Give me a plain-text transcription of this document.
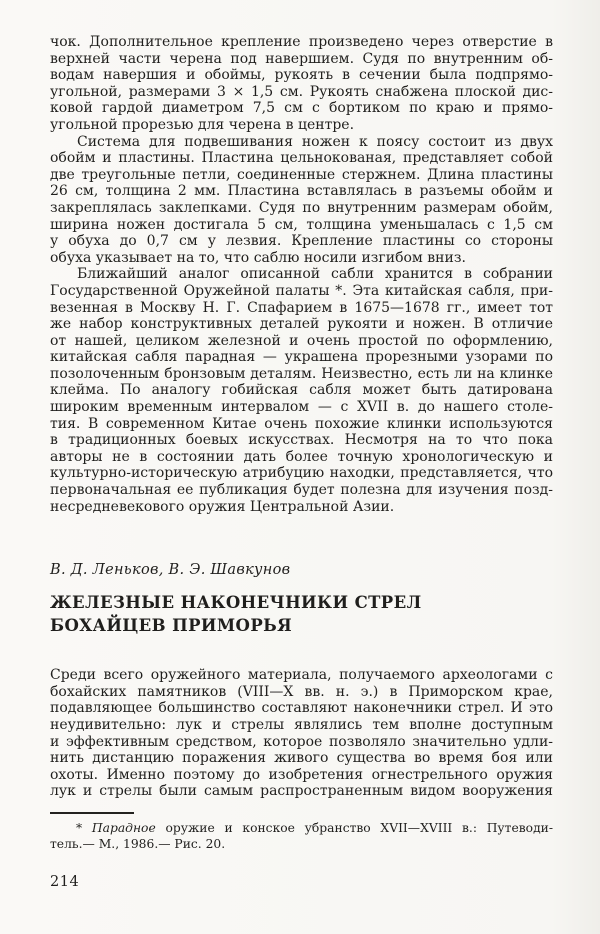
чок. Дополнительное крепление произведено через отверстие в
верхней части черена под навершием. Судя по внутренним об-
водам навершия и обоймы, рукоять в сечении была подпрямо-
угольной, размерами 3 × 1,5 см. Рукоять снабжена плоской дис-
ковой гардой диаметром 7,5 см с бортиком по краю и прямо-
угольной прорезью для черена в центре.
Система для подвешивания ножен к поясу состоит из двух
обойм и пластины. Пластина цельнокованая, представляет собой
две треугольные петли, соединенные стержнем. Длина пластины
26 см, толщина 2 мм. Пластина вставлялась в разъемы обойм и
закреплялась заклепками. Судя по внутренним размерам обойм,
ширина ножен достигала 5 см, толщина уменьшалась с 1,5 см
у обуха до 0,7 см у лезвия. Крепление пластины со стороны
обуха указывает на то, что саблю носили изгибом вниз.
Ближайший аналог описанной сабли хранится в собрании
Государственной Оружейной палаты *. Эта китайская сабля, при-
везенная в Москву Н. Г. Спафарием в 1675—1678 гг., имеет тот
же набор конструктивных деталей рукояти и ножен. В отличие
от нашей, целиком железной и очень простой по оформлению,
китайская сабля парадная — украшена прорезными узорами по
позолоченным бронзовым деталям. Неизвестно, есть ли на клинке
клейма. По аналогу гобийская сабля может быть датирована
широким временным интервалом — с XVII в. до нашего столе-
тия. В современном Китае очень похожие клинки используются
в традиционных боевых искусствах. Несмотря на то что пока
авторы не в состоянии дать более точную хронологическую и
культурно-историческую атрибуцию находки, представляется, что
первоначальная ее публикация будет полезна для изучения позд-
несредневекового оружия Центральной Азии.
В. Д. Леньков, В. Э. Шавкунов
ЖЕЛЕЗНЫЕ НАКОНЕЧНИКИ СТРЕЛ
БОХАЙЦЕВ ПРИМОРЬЯ
Среди всего оружейного материала, получаемого археологами с
бохайских памятников (VIII—X вв. н. э.) в Приморском крае,
подавляющее большинство составляют наконечники стрел. И это
неудивительно: лук и стрелы являлись тем вполне доступным
и эффективным средством, которое позволяло значительно удли-
нить дистанцию поражения живого существа во время боя или
охоты. Именно поэтому до изобретения огнестрельного оружия
лук и стрелы были самым распространенным видом вооружения
* Парадное оружие и конское убранство XVII—XVIII в.: Путеводи-
тель.— М., 1986.— Рис. 20.
214
